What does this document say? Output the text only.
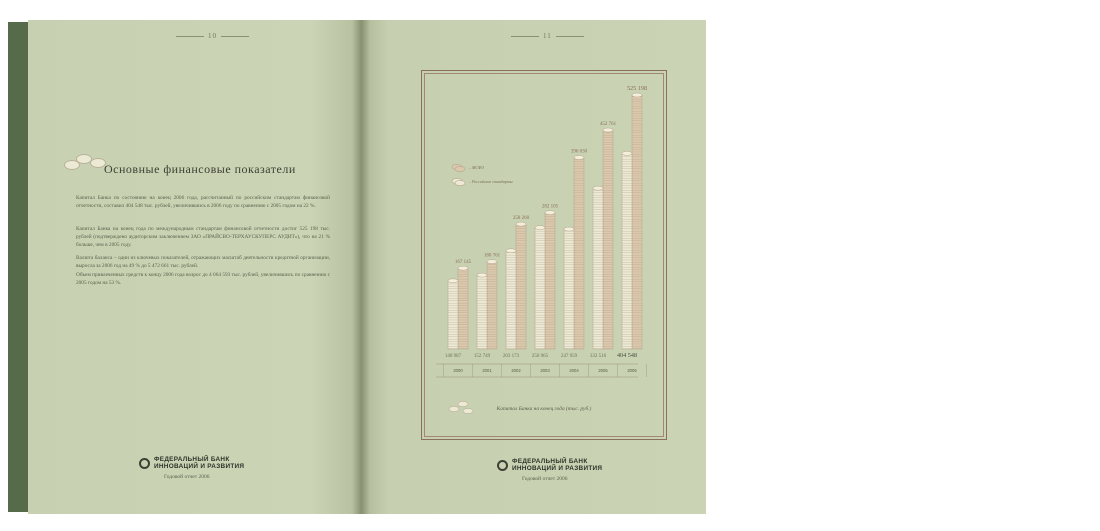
10
Основные финансовые показатели
Капитал Банка по состоянию на конец 2006 года, рассчитанный по российским стандартам финансовой отчетности, составил 404 548 тыс. рублей, увеличившись в 2006 году по сравнению с 2005 годом на 22 %.
Капитал Банка на конец года по международным стандартам финансовой отчетности достиг 525 198 тыс. рублей (подтверждено аудиторским заключением ЗАО «ПРАЙСВО-ТЕРХАУСКУПЕРС АУДИТ»), что на 21 % больше, чем в 2005 году.
Валюта баланса – один из ключевых показателей, отражающих масштаб деятельности кредитной организации, выросла за 2006 год на 49 % до 5 472 661 тыс. рублей.
Объем привлеченных средств к концу 2006 года возрос до 4 064 593 тыс. рублей, увеличившись по сравнению с 2005 годом на 53 %.
ФЕДЕРАЛЬНЫЙ БАНК
ИННОВАЦИЙ И РАЗВИТИЯ
Годовой отчет 2006
11
– МСФО
– Российские стандарты
167 145
140 987
2000
180 761
152 749
2001
258 260
203 173
2002
282 105
250 965
2003
396 030
247 959
2004
452 761
332 516
2005
525 198
404 548
2006
Капитал Банка на конец года (тыс. руб.)
ФЕДЕРАЛЬНЫЙ БАНК
ИННОВАЦИЙ И РАЗВИТИЯ
Годовой отчет 2006
